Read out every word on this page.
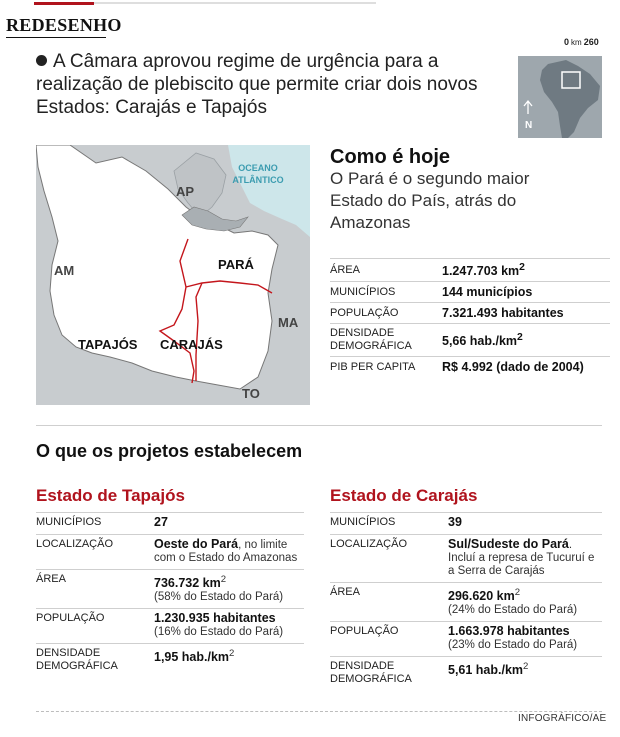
REDESENHO
A Câmara aprovou regime de urgência para a realização de plebiscito que permite criar dois novos Estados: Carajás e Tapajós
0 km 260
N
OCEANO
ATLÂNTICO
AP
AM	PARÁ
MA
TAPAJÓS CARAJÁS
TO
Como é hoje
O Pará é o segundo maior Estado do País, atrás do Amazonas
ÁREA	1.247.703 $km^2$
MUNICÍPIOS	144 municípios
POPULAÇÃO	7.321.493 habitantes
DENSIDADE DEMOGRÁFICA	5,66 $hab./km^2$
PIB PER CAPITA	R$ 4.992 (dado de 2004)
O que os projetos estabelecem
Estado de Tapajós
MUNICÍPIOS	27
LOCALIZAÇÃO	Oeste do Pará, no limite com o Estado do Amazonas
ÁREA	736.732 $km^2$
(58% do Estado do Pará)
POPULAÇÃO	1.230.935 habitantes
(16% do Estado do Pará)
DENSIDADE DEMOGRÁFICA	1,95 $hab./km^2$
Estado de Carajás
MUNICÍPIOS	39
LOCALIZAÇÃO	Sul/Sudeste do Pará. Incluí a represa de Tucuruí e a Serra de Carajás
ÁREA	296.620 $km^2$
(24% do Estado do Pará)
POPULAÇÃO	1.663.978 habitantes
(23% do Estado do Pará)
DENSIDADE DEMOGRÁFICA	5,61 $hab./km^2$
INFOGRÁFICO/AE
